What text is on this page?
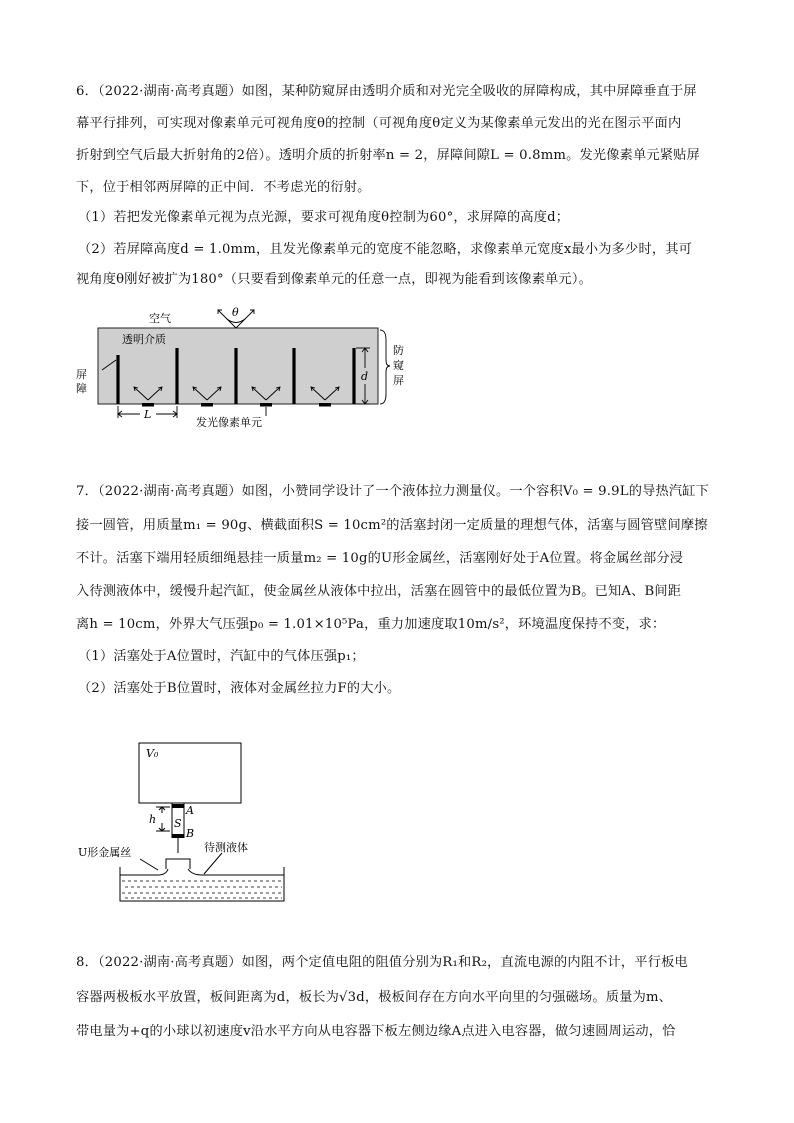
6．（2022·湖南·高考真题）如图，某种防窥屏由透明介质和对光完全吸收的屏障构成，其中屏障垂直于屏
幕平行排列，可实现对像素单元可视角度θ的控制（可视角度θ定义为某像素单元发出的光在图示平面内
折射到空气后最大折射角的2倍）。透明介质的折射率n = 2，屏障间隙L = 0.8mm。发光像素单元紧贴屏
下，位于相邻两屏障的正中间．不考虑光的衍射。
（1）若把发光像素单元视为点光源，要求可视角度θ控制为60°，求屏障的高度d；
（2）若屏障高度d = 1.0mm，且发光像素单元的宽度不能忽略，求像素单元宽度x最小为多少时，其可
视角度θ刚好被扩为180°（只要看到像素单元的任意一点，即视为能看到该像素单元）。
空气
透明介质
θ
屏
障
d
L
发光像素单元
防
窥
屏
7．（2022·湖南·高考真题）如图，小赞同学设计了一个液体拉力测量仪。一个容积V₀ = 9.9L的导热汽缸下
接一圆管，用质量m₁ = 90g、横截面积S = 10cm²的活塞封闭一定质量的理想气体，活塞与圆管壁间摩擦
不计。活塞下端用轻质细绳悬挂一质量m₂ = 10g的U形金属丝，活塞刚好处于A位置。将金属丝部分浸
入待测液体中，缓慢升起汽缸，使金属丝从液体中拉出，活塞在圆管中的最低位置为B。已知A、B间距
离h = 10cm，外界大气压强p₀ = 1.01×10⁵Pa，重力加速度取10m/s²，环境温度保持不变，求：
（1）活塞处于A位置时，汽缸中的气体压强p₁；
（2）活塞处于B位置时，液体对金属丝拉力F的大小。
V₀
A
h S
B
U形金属丝	待测液体
8．（2022·湖南·高考真题）如图，两个定值电阻的阻值分别为R₁和R₂，直流电源的内阻不计，平行板电
容器两极板水平放置，板间距离为d，板长为√3d，极板间存在方向水平向里的匀强磁场。质量为m、
带电量为+q的小球以初速度v沿水平方向从电容器下板左侧边缘A点进入电容器，做匀速圆周运动，恰
